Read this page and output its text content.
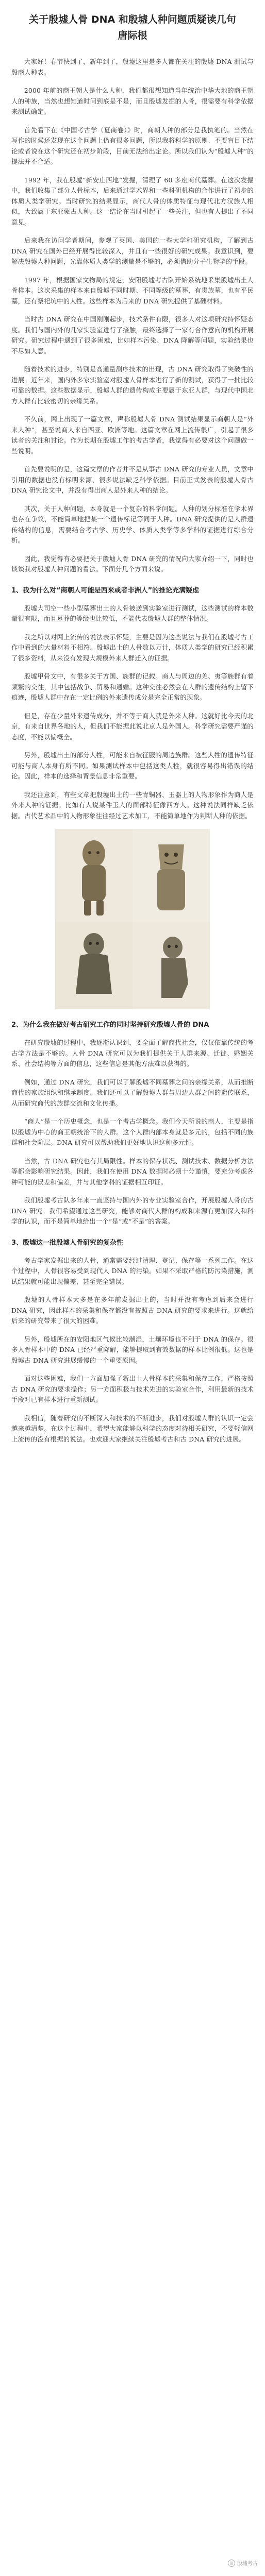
关于殷墟人骨 DNA 和殷墟人种问题质疑读几句
唐际根

大家好！春节快到了，新年到了，殷墟这里是多人都在关注的殷墟 DNA 测试与殷商人种表。

2000 年前的商王朝人是什么人种，我们都很想知道当年统治中华大地的商王朝人的种族，当然也想知道时间到底是不是，而且殷墟发掘的人骨，很需要有科学依据来测试确定。

首先看下在《中国考古学（夏商卷）》时，商朝人种的部分是我执笔的。当然在写作的时候还发现在这个问题上仍有很多问题，所以我将科学的原则、不要盲目下结论或者说在这个研究还在初步阶段，目前无法给出定论。所以我们认为“殷墟人种”的提法并不合适。

1992 年，我在殷墟“新安庄西地”发掘，清理了 60 多座商代墓葬。在这次发掘中，我们收集了部分人骨标本，后来通过学术界和一些科研机构的合作进行了初步的体质人类学研究。当时研究的结果显示，商代人骨的体质特征与现代北方汉族人相似，大致属于东亚蒙古人种。这一结论在当时引起了一些关注，但也有人提出了不同意见。

后来我在访问学者期间，参观了英国、美国的一些大学和研究机构，了解到古 DNA 研究在国外已经开展得比较深入，并且有一些很好的研究成果。我意识到，要解决殷墟人种问题，光靠体质人类学的测量是不够的，必须借助分子生物学的手段。

1997 年，根据国家文物局的规定，安阳殷墟考古队开始系统地采集殷墟出土人骨样本。这次采集的样本来自殷墟不同时期、不同等级的墓葬，有贵族墓，也有平民墓，还有祭祀坑中的人牲。这些样本为后来的 DNA 研究提供了基础材料。

当时古 DNA 研究在中国刚刚起步，技术条件有限，很多人对这项研究持怀疑态度。我们与国内外的几家实验室进行了接触，最终选择了一家有合作意向的机构开展研究。研究过程中遇到了很多困难，比如样本污染、DNA 降解等问题，实验结果也不尽如人意。

随着技术的进步，特别是高通量测序技术的出现，古 DNA 研究取得了突破性的进展。近年来，国内外多家实验室对殷墟人骨样本进行了新的测试，获得了一批比较可靠的数据。这些数据显示，殷墟人群的遗传构成主要属于东亚人群，与现代中国北方人群有比较密切的亲缘关系。

不久前，网上出现了一篇文章，声称殷墟人骨 DNA 测试结果显示商朝人是“外来人种”，甚至说商人来自西亚、欧洲等地。这篇文章在网上流传很广，引起了很多读者的关注和讨论。作为长期在殷墟工作的考古学者，我觉得有必要对这个问题做一些说明。

首先要说明的是，这篇文章的作者并不是从事古 DNA 研究的专业人员，文章中引用的数据也没有标明来源，很多说法缺乏科学依据。目前正式发表的殷墟人骨古 DNA 研究论文中，并没有得出商人是外来人种的结论。

其次，关于人种问题，本身就是一个复杂的科学问题。人种的划分标准在学术界也存在争议，不能简单地把某一个遗传标记等同于人种。DNA 研究提供的是人群遗传结构的信息，需要结合考古学、历史学、体质人类学等多学科的证据进行综合分析。

因此，我觉得有必要把关于殷墟人骨 DNA 研究的情况向大家介绍一下，同时也谈谈我对殷墟人种问题的看法。下面分几个方面来说。

1、我为什么对“商朝人可能是西来或者非洲人”的推论充满疑虑

殷墟大司空一些小型墓葬出土的人骨被送到实验室进行测试，这些测试的样本数量很有限，而且墓葬的等级也比较低，不能代表殷墟人群的整体情况。

我之所以对网上流传的说法表示怀疑，主要是因为这些说法与我们在殷墟考古工作中看到的大量材料不相符。殷墟出土的人骨数以万计，体质人类学的研究已经积累了很多资料，从来没有发现大规模外来人群迁入的证据。

殷墟甲骨文中，有很多关于方国、族群的记载。商人与周边的羌、夷等族群有着频繁的交往，其中包括战争、贸易和通婚。这种交往必然会在人群的遗传结构上留下痕迹，殷墟人群中存在一定比例的外来遗传成分是完全正常的现象。

但是，存在少量外来遗传成分，并不等于商人就是外来人种。这就好比今天的北京，有来自世界各地的人，但我们不能据此说北京人是外国人。科学研究需要严谨的态度，不能以偏概全。

另外，殷墟出土的部分人牲，可能来自被征服的周边族群。这些人牲的遗传特征可能与商人本身有所不同。如果测试样本中包括这类人牲，就很容易得出错误的结论。因此，样本的选择和背景信息非常重要。

我还注意到，有些文章把殷墟出土的一些青铜器、玉器上的人物形象作为商人是外来人种的证据。比如有人说某件玉人的面部特征像西方人。这种说法同样缺乏依据。古代艺术品中的人物形象往往经过艺术加工，不能简单地作为判断人种的依据。

2、为什么我在做好考古研究工作的同时坚持研究殷墟人骨的 DNA

在研究殷墟的过程中，我逐渐认识到，要全面了解商代社会，仅仅依靠传统的考古学方法是不够的。人骨 DNA 研究可以为我们提供关于人群来源、迁徙、婚姻关系、社会结构等方面的信息，这些信息是其他方法难以获得的。

例如，通过 DNA 研究，我们可以了解殷墟不同墓葬之间的亲缘关系，从而推断商代的家族组织和继承制度。我们还可以了解殷墟人群与周边人群之间的遗传联系，从而研究商代的族群交流和文化传播。

“商人”是一个历史概念，也是一个考古学概念。我们今天所说的商人，主要是指以殷墟为中心的商王朝统治下的人群。这个人群内部本身就是多元的，包括不同的族群和社会阶层。DNA 研究可以帮助我们更好地认识这种多元性。

当然，古 DNA 研究也有其局限性。样本的保存状况、测试技术、数据分析方法等都会影响研究结果。因此，我们在使用 DNA 数据时必须十分谨慎，要充分考虑各种可能的误差和偏差，并与其他学科的证据相互印证。

我们殷墟考古队多年来一直坚持与国内外的专业实验室合作，开展殷墟人骨的古 DNA 研究。我们希望通过这些研究，能够对商代人群的构成和来源有更加深入和科学的认识，而不是简单地给出一个“是”或“不是”的答案。

3、殷墟这一批殷墟人骨研究的复杂性

考古学家发掘出来的人骨，通常需要经过清理、登记、保存等一系列工作。在这个过程中，人骨很容易受到现代人 DNA 的污染。如果不采取严格的防污染措施，测试结果就可能出现偏差，甚至完全错误。

殷墟的人骨样本大多是在多年前发掘出土的，当时并没有考虑到后来会进行 DNA 研究，因此样本的采集和保存都没有按照古 DNA 研究的要求来进行。这就给后来的研究带来了很大的困难。

另外，殷墟所在的安阳地区气候比较潮湿，土壤环境也不利于 DNA 的保存。很多人骨样本中的 DNA 已经严重降解，能够提取到有效数据的样本比例很低。这也是殷墟古 DNA 研究进展缓慢的一个重要原因。

面对这些困难，我们一方面加强了新出土人骨样本的采集和保存工作，严格按照古 DNA 研究的要求操作；另一方面积极与技术先进的实验室合作，利用最新的技术手段对已有样本进行重新测试。

我相信，随着研究的不断深入和技术的不断进步，我们对殷墟人群的认识一定会越来越清楚。在这个过程中，希望大家能够以科学的态度对待相关研究，不要轻信网上流传的没有根据的说法。也欢迎大家继续关注殷墟考古和古 DNA 研究的进展。

◎ 殷墟考古
